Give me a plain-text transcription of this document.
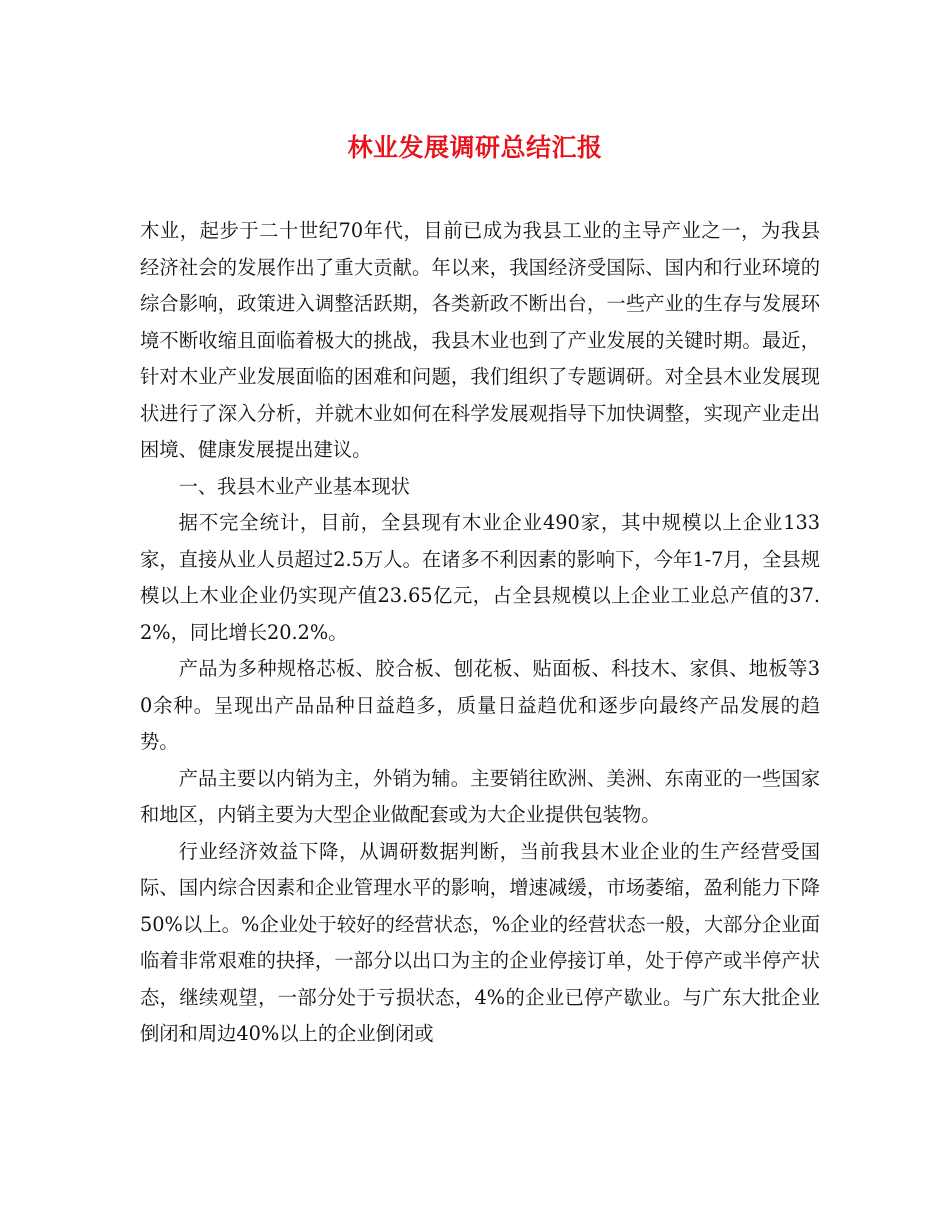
林业发展调研总结汇报

木业，起步于二十世纪70年代，目前已成为我县工业的主导产业之一，为我县经济社会的发展作出了重大贡献。年以来，我国经济受国际、国内和行业环境的综合影响，政策进入调整活跃期，各类新政不断出台，一些产业的生存与发展环境不断收缩且面临着极大的挑战，我县木业也到了产业发展的关键时期。最近，针对木业产业发展面临的困难和问题，我们组织了专题调研。对全县木业发展现状进行了深入分析，并就木业如何在科学发展观指导下加快调整，实现产业走出困境、健康发展提出建议。

一、我县木业产业基本现状

据不完全统计，目前，全县现有木业企业490家，其中规模以上企业133家，直接从业人员超过2.5万人。在诸多不利因素的影响下，今年1-7月，全县规模以上木业企业仍实现产值23.65亿元，占全县规模以上企业工业总产值的37.2%，同比增长20.2%。

产品为多种规格芯板、胶合板、刨花板、贴面板、科技木、家俱、地板等30余种。呈现出产品品种日益趋多，质量日益趋优和逐步向最终产品发展的趋势。

产品主要以内销为主，外销为辅。主要销往欧洲、美洲、东南亚的一些国家和地区，内销主要为大型企业做配套或为大企业提供包装物。

行业经济效益下降，从调研数据判断，当前我县木业企业的生产经营受国际、国内综合因素和企业管理水平的影响，增速减缓，市场萎缩，盈利能力下降50%以上。%企业处于较好的经营状态，%企业的经营状态一般，大部分企业面临着非常艰难的抉择，一部分以出口为主的企业停接订单，处于停产或半停产状态，继续观望，一部分处于亏损状态，4%的企业已停产歇业。与广东大批企业倒闭和周边40%以上的企业倒闭或
